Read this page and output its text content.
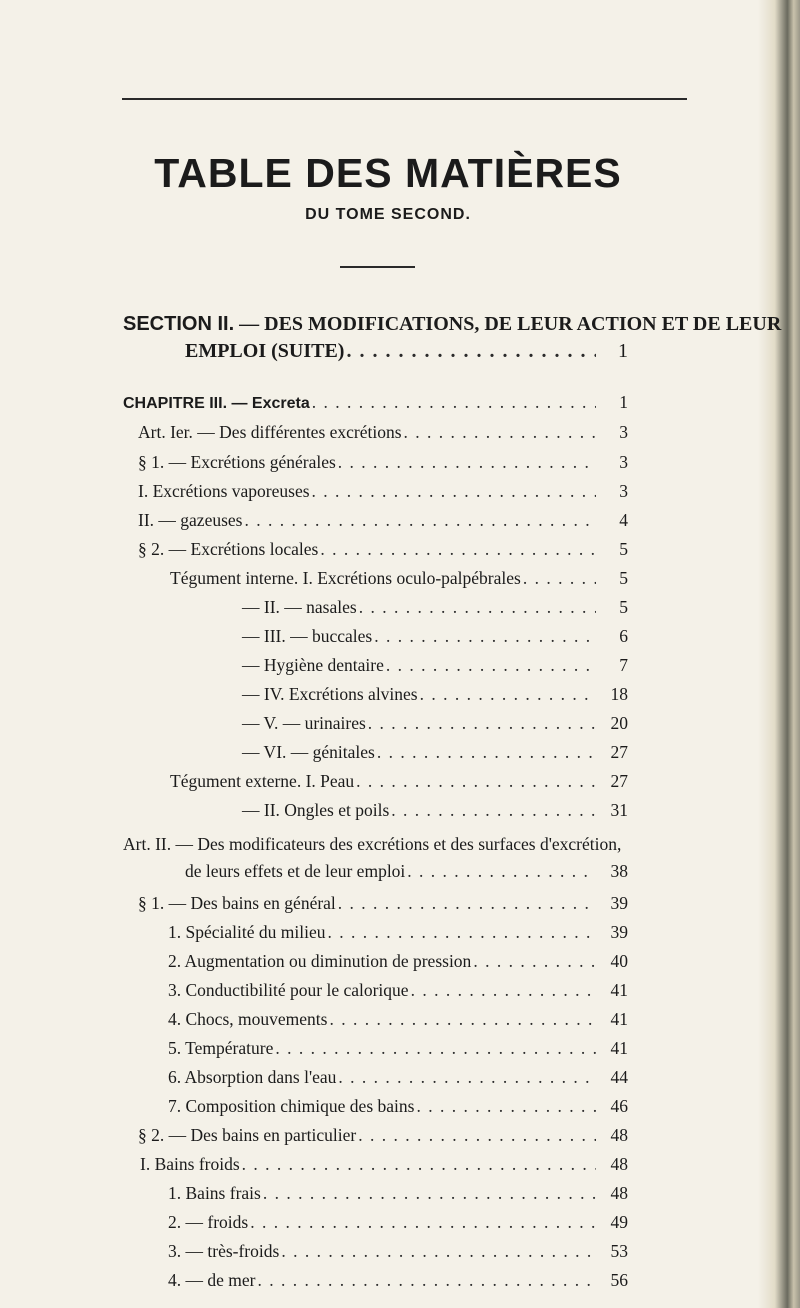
TABLE DES MATIÈRES
DU TOME SECOND.
SECTION II. — DES MODIFICATIONS, DE LEUR ACTION ET DE LEUR
EMPLOI (SUITE) . . .	1
CHAPITRE III. — Excreta . . .	1
Art. Ier. — Des différentes excrétions . . .	3
§ 1. — Excrétions générales . . .	3
I. Excrétions vaporeuses . . .	3
II. — gazeuses . . .	4
§ 2. — Excrétions locales . . .	5
Tégument interne. I. Excrétions oculo-palpébrales . . .	5
— II. — nasales . . .	5
— III. — buccales . . .	6
— Hygiène dentaire . . .	7
— IV. Excrétions alvines . . .	18
— V. — urinaires . . .	20
— VI. — génitales . . .	27
Tégument externe. I. Peau . . .	27
— II. Ongles et poils . . .	31
Art. II. — Des modificateurs des excrétions et des surfaces d'excrétion,
de leurs effets et de leur emploi . . .	38
§ 1. — Des bains en général . . .	39
1. Spécialité du milieu . . .	39
2. Augmentation ou diminution de pression . . .	40
3. Conductibilité pour le calorique . . .	41
4. Chocs, mouvements . . .	41
5. Température . . .	41
6. Absorption dans l'eau . . .	44
7. Composition chimique des bains . . .	46
§ 2. — Des bains en particulier . . .	48
I. Bains froids . . .	48
1. Bains frais . . .	48
2. — froids . . .	49
3. — très-froids . . .	53
4. — de mer . . .	56
